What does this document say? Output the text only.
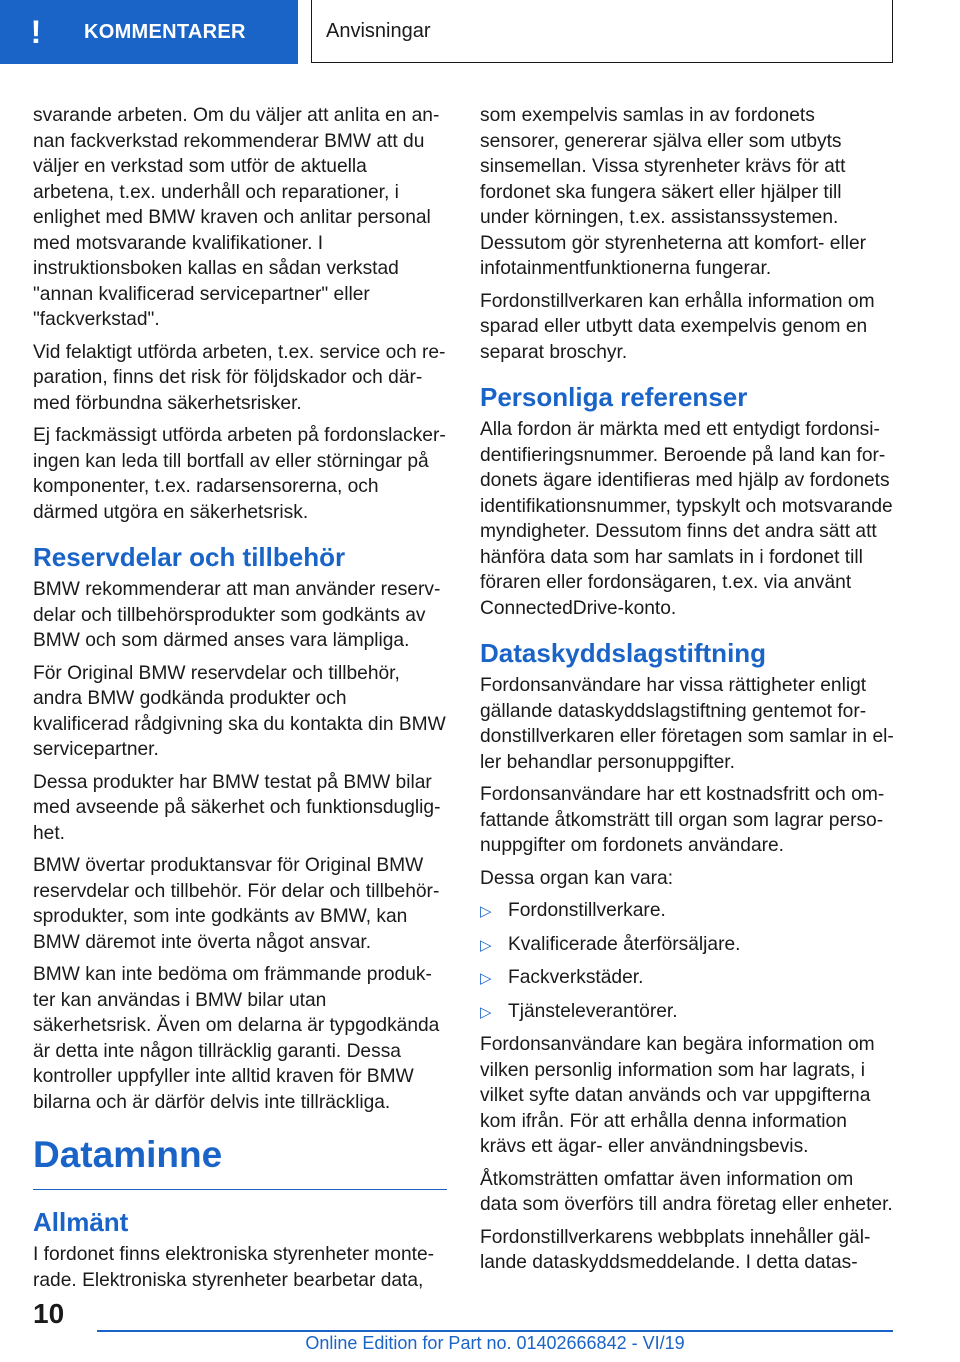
!	KOMMENTARER	Anvisningar

svarande arbeten. Om du väljer att anlita en annan fackverkstad rekommenderar BMW att du väljer en verkstad som utför de aktuella arbetena, t.ex. underhåll och reparationer, i enlighet med BMW kraven och anlitar personal med motsvarande kvalifikationer. I instruktionsboken kallas en sådan verkstad "annan kvalificerad servicepartner" eller "fackverkstad".

Vid felaktigt utförda arbeten, t.ex. service och reparation, finns det risk för följdskador och därmed förbundna säkerhetsrisker.

Ej fackmässigt utförda arbeten på fordonslackeringen kan leda till bortfall av eller störningar på komponenter, t.ex. radarsensorerna, och därmed utgöra en säkerhetsrisk.

Reservdelar och tillbehör

BMW rekommenderar att man använder reservdelar och tillbehörsprodukter som godkänts av BMW och som därmed anses vara lämpliga.

För Original BMW reservdelar och tillbehör, andra BMW godkända produkter och kvalificerad rådgivning ska du kontakta din BMW servicepartner.

Dessa produkter har BMW testat på BMW bilar med avseende på säkerhet och funktionsduglighet.

BMW övertar produktansvar för Original BMW reservdelar och tillbehör. För delar och tillbehörsprodukter, som inte godkänts av BMW, kan BMW däremot inte överta något ansvar.

BMW kan inte bedöma om främmande produkter kan användas i BMW bilar utan säkerhetsrisk. Även om delarna är typgodkända är detta inte någon tillräcklig garanti. Dessa kontroller uppfyller inte alltid kraven för BMW bilarna och är därför delvis inte tillräckliga.

Dataminne
Allmänt

I fordonet finns elektroniska styrenheter monterade. Elektroniska styrenheter bearbetar data,

som exempelvis samlas in av fordonets sensorer, genererar själva eller som utbyts sinsemellan. Vissa styrenheter krävs för att fordonet ska fungera säkert eller hjälper till under körningen, t.ex. assistanssystemen. Dessutom gör styrenheterna att komfort- eller infotainmentfunktionerna fungerar.

Fordonstillverkaren kan erhålla information om sparad eller utbytt data exempelvis genom en separat broschyr.

Personliga referenser

Alla fordon är märkta med ett entydigt fordonsidentifieringsnummer. Beroende på land kan fordonets ägare identifieras med hjälp av fordonets identifikationsnummer, typskylt och motsvarande myndigheter. Dessutom finns det andra sätt att hänföra data som har samlats in i fordonet till föraren eller fordonsägaren, t.ex. via använt ConnectedDrive-konto.

Dataskyddslagstiftning

Fordonsanvändare har vissa rättigheter enligt gällande dataskyddslagstiftning gentemot fordonstillverkaren eller företagen som samlar in eller behandlar personuppgifter.

Fordonsanvändare har ett kostnadsfritt och omfattande åtkomsträtt till organ som lagrar personuppgifter om fordonets användare.

Dessa organ kan vara:

▷ Fordonstillverkare.
▷ Kvalificerade återförsäljare.
▷ Fackverkstäder.
▷ Tjänsteleverantörer.

Fordonsanvändare kan begära information om vilken personlig information som har lagrats, i vilket syfte datan används och var uppgifterna kom ifrån. För att erhålla denna information krävs ett ägar- eller användningsbevis.

Åtkomsträtten omfattar även information om data som överförs till andra företag eller enheter.

Fordonstillverkarens webbplats innehåller gällande dataskyddsmeddelande. I detta datas-

10
Online Edition for Part no. 01402666842 - VI/19
